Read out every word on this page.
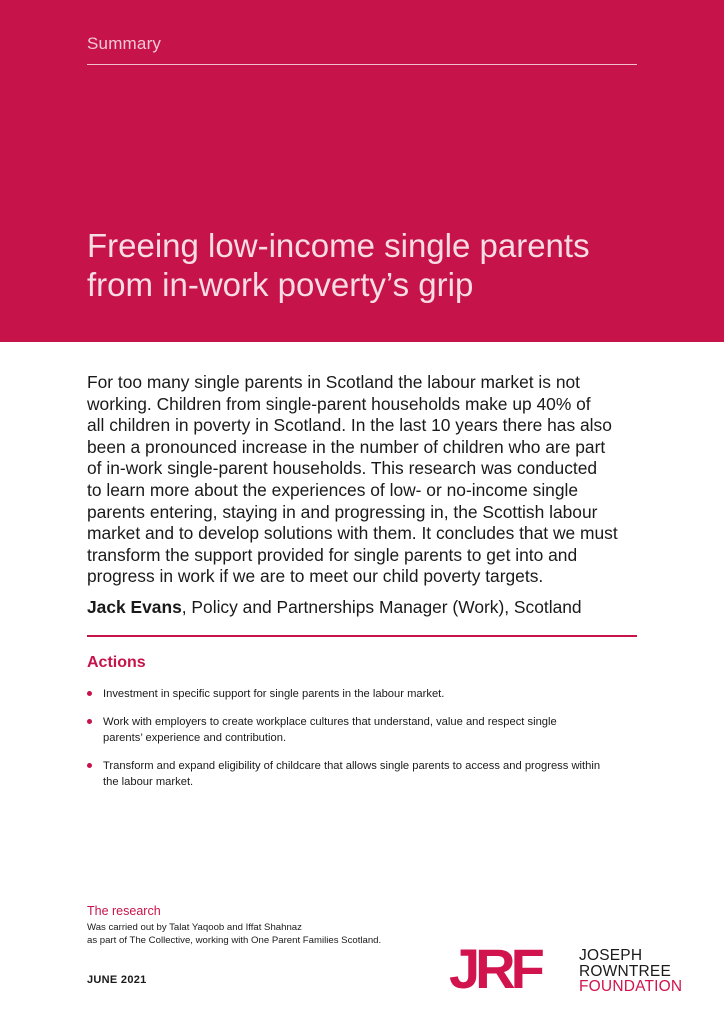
Summary
Freeing low-income single parents
from in-work poverty’s grip

For too many single parents in Scotland the labour market is not
working. Children from single-parent households make up 40% of
all children in poverty in Scotland. In the last 10 years there has also
been a pronounced increase in the number of children who are part
of in-work single-parent households. This research was conducted
to learn more about the experiences of low- or no-income single
parents entering, staying in and progressing in, the Scottish labour
market and to develop solutions with them. It concludes that we must
transform the support provided for single parents to get into and
progress in work if we are to meet our child poverty targets.

Jack Evans, Policy and Partnerships Manager (Work), Scotland

Actions
Investment in specific support for single parents in the labour market.
Work with employers to create workplace cultures that understand, value and respect single
parents’ experience and contribution.
Transform and expand eligibility of childcare that allows single parents to access and progress within
the labour market.
The research
Was carried out by Talat Yaqoob and Iffat Shahnaz
as part of The Collective, working with One Parent Families Scotland.
JUNE 2021	JRF	JOSEPH
ROWNTREE
FOUNDATION
